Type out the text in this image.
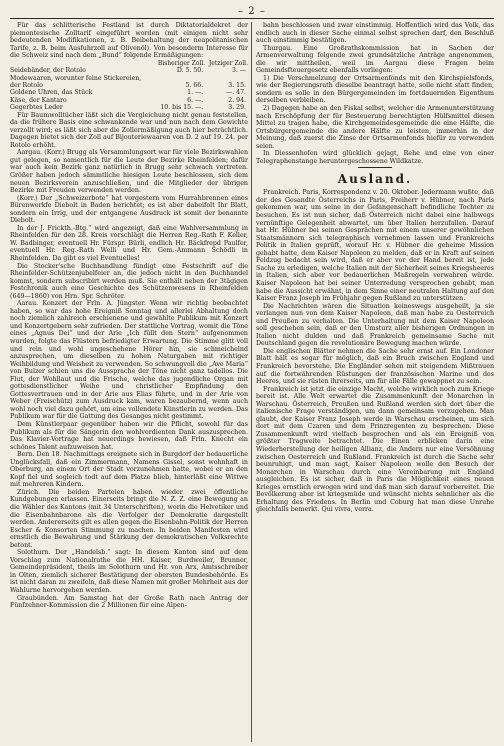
– 2 –

Für das schlitterische Festland ist durch Diktatorialdekret der piemontesische Zolltarif eingeführt worden (mit einigen nicht sehr bedeutenden Modifikationen, z. B. Beibehaltung der neapolitanischen Tarife, z. B. beim Ausfuhrzoll auf Olivenöl). Von besonderm Interesse für die Schweiz sind nach dem „Bund“ folgende Ermäßigungen:

	Bisheriger Zoll.	Jetziger Zoll.
Seidebänder, der Rotolo	D. 5. 50.	3. —
Modewaaren, worunter feine Stickereien,		
der Rotolo	5. 66.	3. 15.
Goldene Uhren, das Stück	1. —.	—. 47.
Käse, der Kantaro	6. —.	2. 94.
Gegerbtes Leder	10. bis 15. —.	3. 29.

Für Baumwolltücher läßt sich die Vergleichung nicht genau feststellen, da die frühere Basis eine schwankende war und nun nach dem Gewichte verzollt wird; es läßt sich aber die Zollermäßigung auch hier beträchtlich. Dagegen bietet sich der Zoll auf Bijouteriewaaren von D. 2 auf 19. 24. per Rotolo erhöht.

Aargau. (Korr.) Brugg als Versammlungsort war für viele Bezirkswahlen gut gelegen, so namentlich für die Leute der Bezirke Rheinfelden; dafür war auch kein Bezirk ganz natürlich in Brugg sehr schwach vertreten. Größer haben jedoch sämmtliche hiesigen Leute beschlossen, sich dem neuen Bezirksverein anzuschließen, und die Mitglieder der übrigen Bezirke mit Freuden verwenden werden.

(Korr.) Der „Schweizerbote“ hat vorgestern vom Hurrahbrennen eines Bürenwerkfe Diebolt in Baden berichtet; es ist aber dabeifolt Ihr Blatt, sondern ein Irrig, und der entgangene Ausdruck ist somit der benannte Diebolt.

In der J. Frickth.-Btg.“ wird angezeigt, daß eine Wahlversammlung in Rheinfelden für den 28. Kreis vorschlägt die Herren Reg.-Rath F. Keller, W. Badbinger, eventuell Hr. Fürspr. Bürli, endlich Hr. Bäckfrepd Paulfer, eventuell Hr. Reg.-Rath Welli und Hr. Gem.-Ammann Schödli in Rheinfelden. Da gibt es viel Eventuelles!

Die Stocker'sche Buchhandlung fündigt eine Festschrift auf die Rheinfelder-Schützenjubelfeier an, die jedoch nicht in den Buchhandel kommt, sondern subscribirt werden muß. Sie enthält neben der 3tägigen Festchronik auch eine Geschichte des Schützenwesens in Rheinfelden (649—1860) von Hrn. Spr. Schröter.

Aarau. Konzert der Frln. A. Jüngster. Wenn wir richtig beobachtet haben, so war das hohe Ereigniß Sonntag und allerlei Abhaltung doch noch ziemlich zahlreich erschienene und gewählte Publikum mit Konzert und Konzertgebern sehr zufrieden. Der stattliche Vortrag, womit die Töne eines „Agnus Dei“ und der Arie „Ich füllt den Stern“ aufgenommen wurden, folgte das Flüstern befriedigter Erwartung. Die Stimme glitt voll und rein und wohl ungeschehene Hörer hin, sie schmeichelnd anzusprechen, um dieselben zu hohen Naturgaben mit richtiger Weihbildung und Weisheit zu verwenden. So schwungvoll die „Ave Maria“ von Bulzer schien uns die Aussprache der Töne nicht ganz tadellos. Die Flut, der Wohllaut und die Frische, welche das jugendliche Organ mit gottesdienstlicher Weihe und christlicher Empfindung den Gottesvertrauen und in der Arie aus Elias führte, und in der Arie von Weber (Freischütz) zum Ausdruck kam, waren bezaubernd, wenn auch wohl noch viel dazu gehört, um eine vollendete Künstlerin zu werden. Das Publikum war für die Gattung des Gesanges nicht gestimmt.

Dem Künstlerpaar gegenüber haben wir die Pflicht, sowohl für das Publikum als für die Sängerin den wohlverdienten Dank auszusprechen. Das Klavier-Vortrage hat neuerdings bewiesen, daß Frln. Knecht ein schönes Talent aufzuweisen hat.

Bern. Den 18. Nachmittags ereignete sich in Burgdorf der bedauerliche Unglücksfall, daß ein Zimmermann, Namens Gissel, sonst wohnhaft in Oberburg, an einem Ort der Stadt vorzunehmen hatte, wobei er an den Kopf fiel und sogleich todt auf dem Platze blieb, hinterläßt eine Wittwe mit mehreren Kindern.

Zürich. Die beiden Parteien haben wieder zwei öffentliche Kundgebungen erlassen. Einerseits bringt die N. Z. Z. eine Bewegung an die Wähler des Kantons (mit 34 Unterschriften), worin die Helvetiker und die Eisenbahnbarone als die Verfolger der Demokratie dargestellt werden. Andererseits gilt es allen gegen die Eisenbahn-Politik der Herren Escher & Konsorten Stimmung zu machen. In beiden Manifesten wird ernstlich die Bewahrung und Stärkung der demokratischen Volksrechte betont.

Solothurn. Der „Handelsb.“ sagt: In diesem Kanton sind auf dem Vorschlag zum Nationalrathe die HH. Kaiser, Burdweiler, Brunner, Gemeindepräsident, theils im Solothurn und Hr. von Arx, Amtsschreiber in Olten, ziemlich sicherer Bestätigung der obersten Bundesbehörde. Es ist nicht daran zu zweifeln, daß diese Namen mit großer Mehrheit aus der Wahlurne hervorgehen werden.

Graubünden. Am Samstag hat der Große Rath nach Antrag der Fünfzehner-Kommission die 2 Millionen für eine Alpen-

bahn beschlossen und zwar einstimmig. Hoffentlich wird das Volk, das endlich auch in dieser Sache einmal selbst sprechen darf, den Beschluß auch einstimmig bestätigen.

Thurgau. Eine Großrathskommission hat in Sachen der Armenverwaltung folgende zwei grundsätzliche Anträge angenommen, die wir mittheilen, weil im Aargau diese Fragen beim Gemeindsfteuergesetz ebenfalls vorliegen:

1) Die Verschmelzung der Ortsarmenfonds mit den Kirchspielsfonds, wie der Regierungsrath dieselbe beantragt hatte, solle nicht statt finden, sondern es solle in den Bürgergemeinden im fortdauernden Eigenthum derselben verbleiben.

2) Dagegen habe an den Fiskal selbst, welcher die Armenunterstützung nach Erschöpfung der für Besteuerung berechtigten Hülfsmittel diesen Mittel zu tragen habe, die Kirchgemeindesgemeinde die eine Hälfte, die Ortsbürgergemeinde die andere Hälfte zu leisten, immerhin in der Meinung, daß zuerst die Zinse der Ortsarmenfonds hiefür zu verwenden seien.

In Diessenhofen wird glücklich gejagt, Rehe und eine von einer Telegraphenstange heruntergeschossene Wildkatze.

Ausland.

Frankreich. Paris, Korrespondenz v. 20. Oktober. Jedermann wußte, daß der des Gesandte Österreichs in Paris, Freiherr v. Hübner, nach Paris gekommen war, um seine in der Gefangenschaft befindliche Tochter zu besuchen. Es ist nun sicher, daß Österreich nicht dabei eine halbwegs vernünftige Gelegenheit abwartet, um über Italien herzufallen. Darauf hat Hr. Hübner bei seinen Gesprächen mit einem unserer gewöhnlichen Staatsmännern sich telegraphisch vernehmen lassen und Frankreichs Politik in Italien geprüft, worauf Hr. v. Hübner die geheime Mission gehabt hatte, dem Kaiser Napoleon zu melden, daß er in Kraft auf seinen Feldzug bedacht sein wird, daß er aber vor der Hand bereit ist, jede Sache zu erledigen, welche Italien mit der Sicherheit seines Kriegsheeres in Italien, sich aber vor bedauerlichen Maßregeln verwahren würde. Kaiser Napoleon hat bei seiner Unterredung versprochen gehabt, man habe die Aussicht erwähnt, in dem Sinne einer neutralen Haltung auf den Kaiser Franz Joseph im Frühjahr gegen Rußland zu unterstützen.

Die Nachrichten wären die Situation keineswegs ausgeheilt, ja sie verlangen nun von dem Kaiser Napoleon, daß man habe zu Oesterreich und Preußen zu verhalten. Die Unterhaltung mit dem Kaiser Napoleon soll geschehen sein, daß er den Umsturz aller bisherigen Ordnungen in Italien nicht dulden und daß Frankreich gemeinsame Sache mit Deutschland gegen die revolutionäre Bewegung machen würde.

Die englischen Blätter nehmen die Sache sehr ernst auf. Ein Londoner Blatt hält es sogar für möglich, daß ein Bruch zwischen England und Frankreich bevorstehe. Die Engländer sehen mit steigendem Mißtrauen auf die fortwährenden Rüstungen der französischen Marine und des Heeres, und sie rüsten ihrerseits, um für alle Fälle gewappnet zu sein.

Frankreich ist jetzt die einzige Macht, welche wirklich noch zum Kriege bereit ist. Alle Welt erwartet die Zusammenkunft der Monarchen in Warschau. Österreich, Preußen und Rußland werden sich dort über die italienische Frage verständigen, um dann gemeinsam vorzugehen. Man glaubt, der Kaiser Franz Joseph werde in Warschau erscheinen, um sich dort mit dem Czaren und dem Prinzregenten zu besprechen. Diese Zusammenkunft wird vielfach besprochen und als ein Ereigniß von größter Tragweite betrachtet. Die Einen erblicken darin eine Wiederherstellung der heiligen Allianz, die Andern nur eine Versöhnung zwischen Oesterreich und Rußland. Frankreich ist durch die Sache sehr beunruhigt, und man sagt, Kaiser Napoleon wolle den Besuch der Monarchen in Warschau durch eine Vereinbarung mit England ausgleichen. Es ist sicher, daß in Paris die Möglichkeit eines neuen Krieges ernstlich erwogen wird und daß man sich darauf vorbereitet. Die Bevölkerung aber ist kriegsmüde und wünscht nichts sehnlicher als die Erhaltung des Friedens. In Berlin und Coburg hat man diese Unruhe gleichfalls bemerkt. Qui vivra, verra.
